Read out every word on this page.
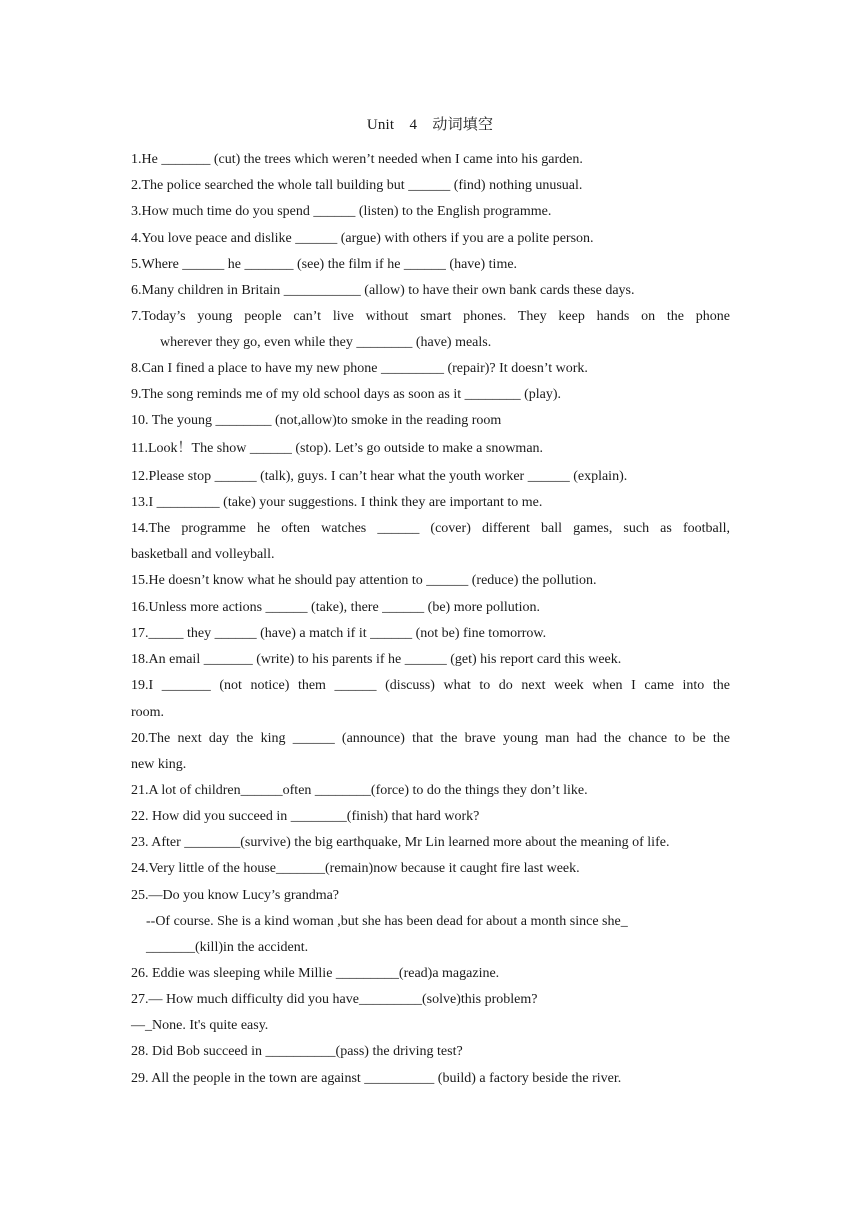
Unit　4　动词填空
1.He _______ (cut) the trees which weren’t needed when I came into his garden.
2.The police searched the whole tall building but ______ (find) nothing unusual.
3.How much time do you spend ______ (listen) to the English programme.
4.You love peace and dislike ______ (argue) with others if you are a polite person.
5.Where ______ he _______ (see) the film if he ______ (have) time.
6.Many children in Britain ___________ (allow) to have their own bank cards these days.
7.Today’s young people can’t live without smart phones. They keep hands on the phone
wherever they go, even while they ________ (have) meals.
8.Can I fined a place to have my new phone _________ (repair)? It doesn’t work.
9.The song reminds me of my old school days as soon as it ________ (play).
10. The young ________ (not,allow)to smoke in the reading room
11.Look！The show ______ (stop). Let’s go outside to make a snowman.
12.Please stop ______ (talk), guys. I can’t hear what the youth worker ______ (explain).
13.I _________ (take) your suggestions. I think they are important to me.
14.The programme he often watches ______ (cover) different ball games, such as football,
basketball and volleyball.
15.He doesn’t know what he should pay attention to ______ (reduce) the pollution.
16.Unless more actions ______ (take), there ______ (be) more pollution.
17._____ they ______ (have) a match if it ______ (not be) fine tomorrow.
18.An email _______ (write) to his parents if he ______ (get) his report card this week.
19.I _______ (not notice) them ______ (discuss) what to do next week when I came into the
room.
20.The next day the king ______ (announce) that the brave young man had the chance to be the
new king.
21.A lot of children______often ________(force) to do the things they don’t like.
22. How did you succeed in ________(finish) that hard work?
23. After ________(survive) the big earthquake, Mr Lin learned more about the meaning of life.
24.Very little of the house_______(remain)now because it caught fire last week.
25.—Do you know Lucy’s grandma?
--Of course. She is a kind woman ,but she has been dead for about a month since she_
_______(kill)in the accident.
26. Eddie was sleeping while Millie _________(read)a magazine.
27.— How much difficulty did you have_________(solve)this problem?
—_None. It's quite easy.
28. Did Bob succeed in __________(pass) the driving test?
29. All the people in the town are against __________ (build) a factory beside the river.
